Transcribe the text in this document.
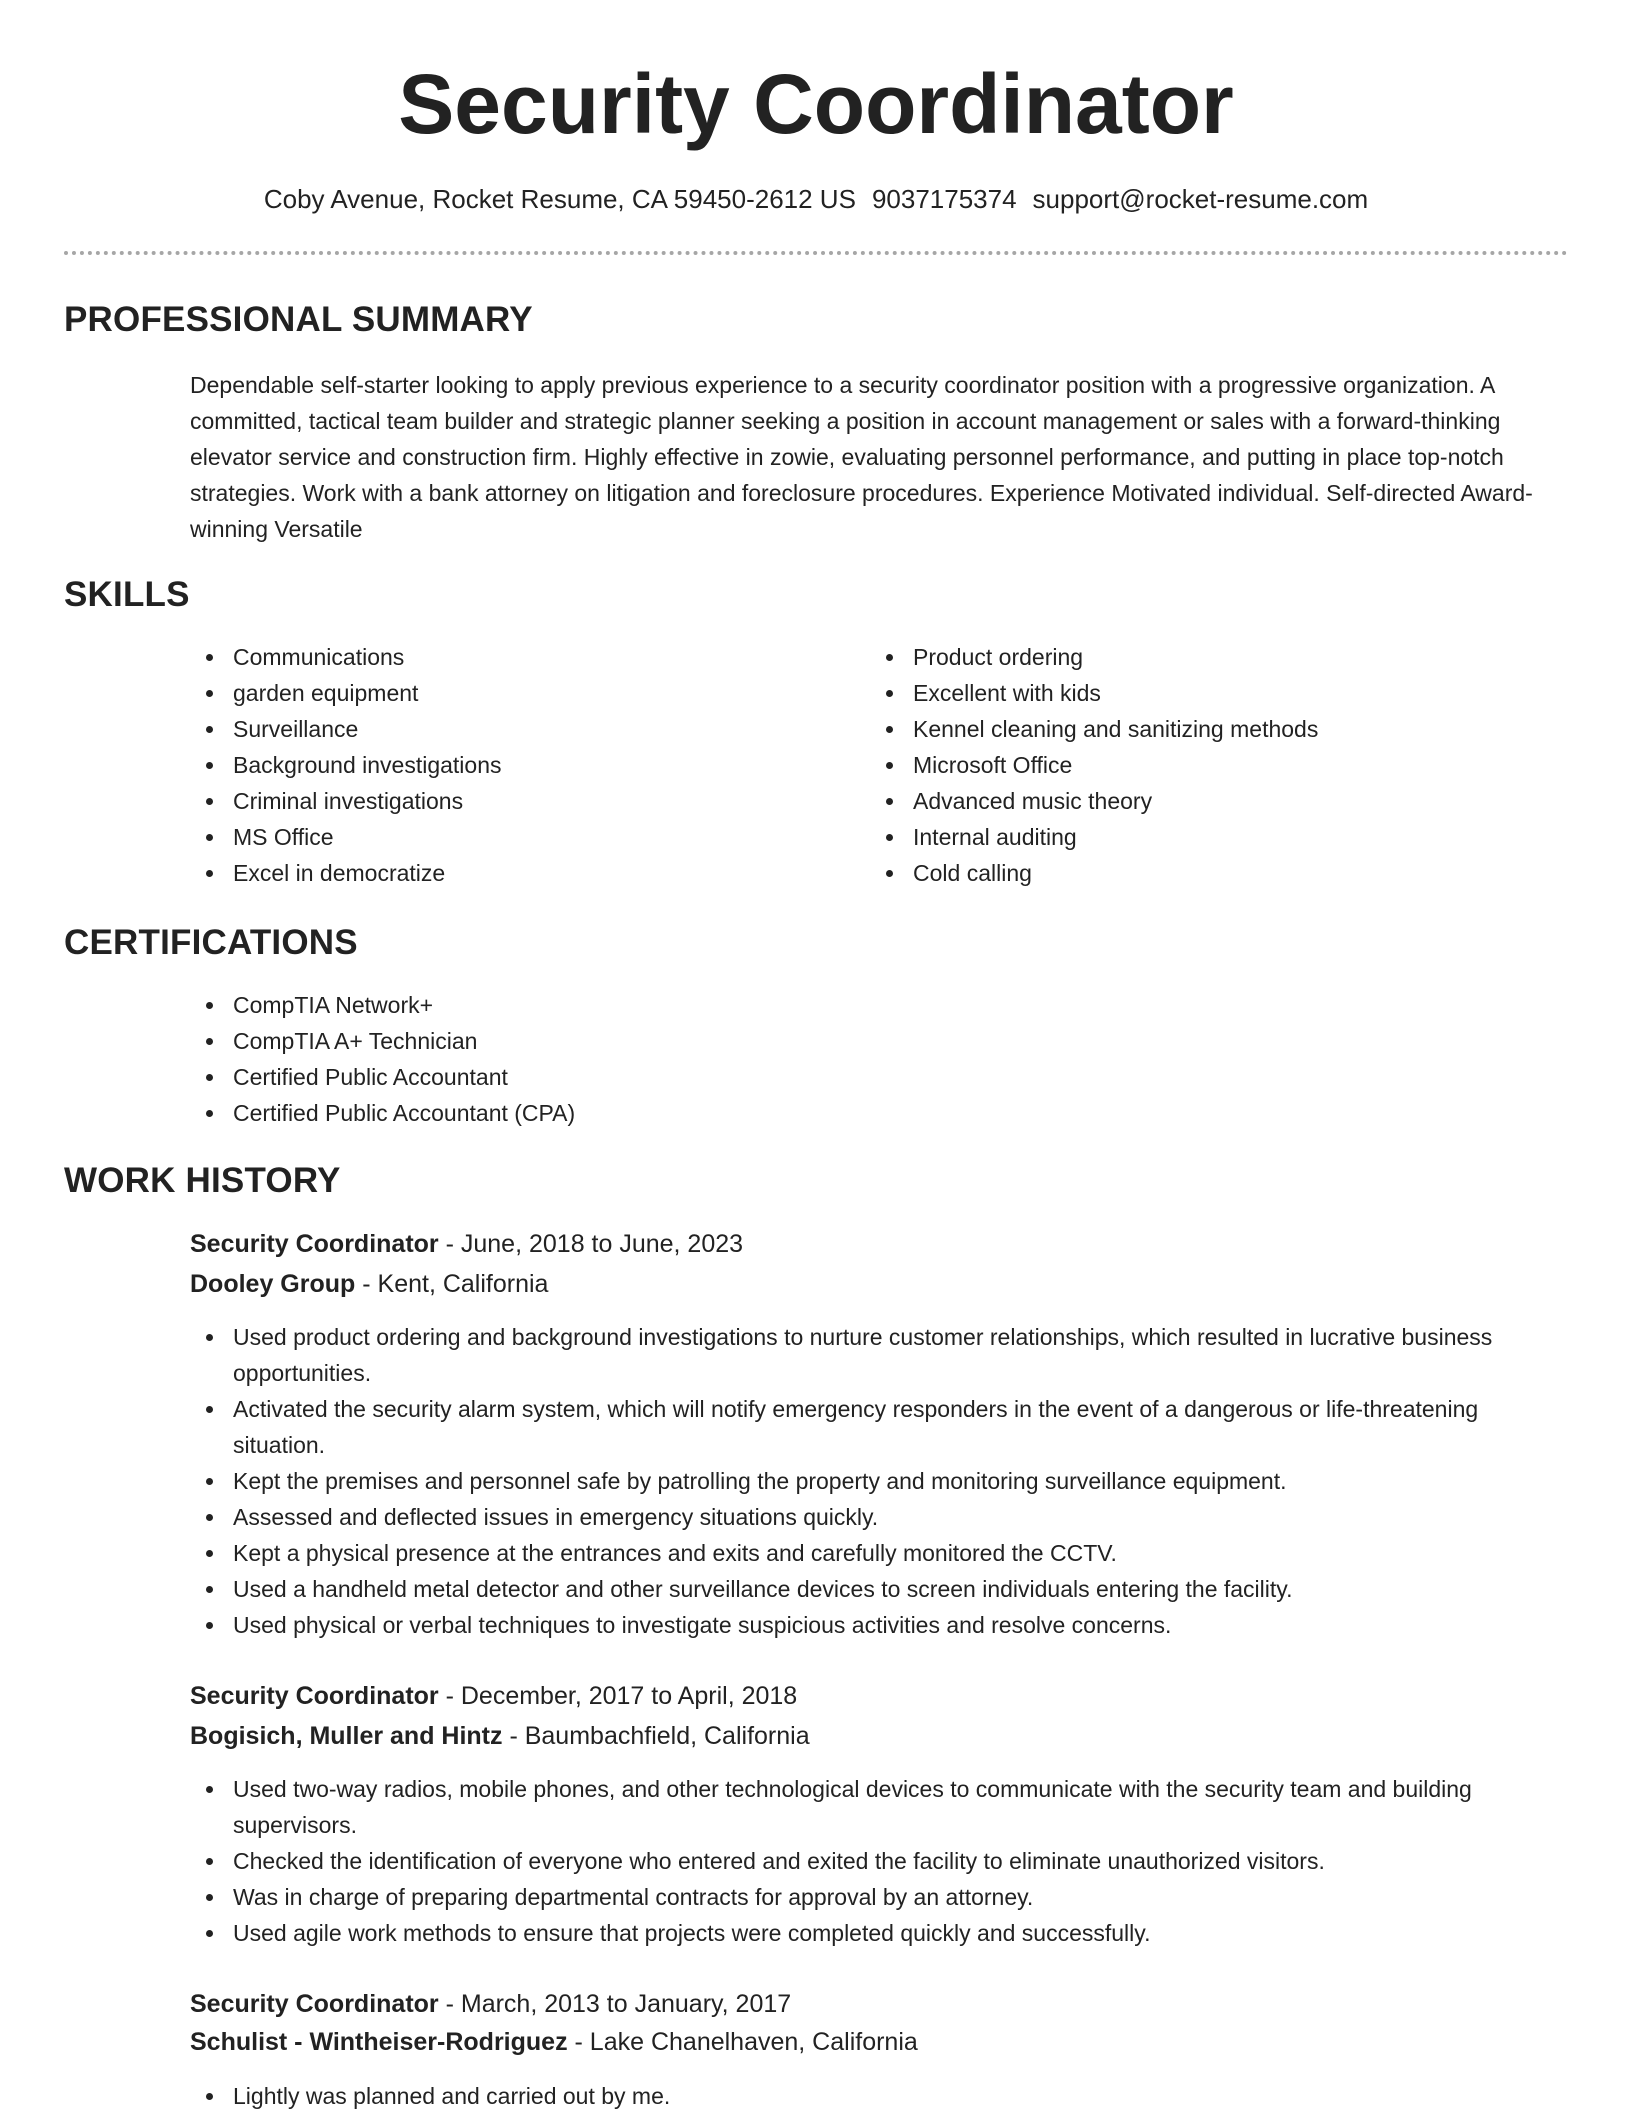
Security Coordinator
Coby Avenue, Rocket Resume, CA 59450-2612 US 9037175374 support@rocket-resume.com
PROFESSIONAL SUMMARY

Dependable self-starter looking to apply previous experience to a security coordinator position with a progressive organization. A committed, tactical team builder and strategic planner seeking a position in account management or sales with a forward-thinking elevator service and construction firm. Highly effective in zowie, evaluating personnel performance, and putting in place top-notch strategies. Work with a bank attorney on litigation and foreclosure procedures. Experience Motivated individual. Self-directed Award-winning Versatile

SKILLS
Communications
garden equipment
Surveillance
Background investigations
Criminal investigations
MS Office
Excel in democratize
Product ordering
Excellent with kids
Kennel cleaning and sanitizing methods
Microsoft Office
Advanced music theory
Internal auditing
Cold calling
CERTIFICATIONS
CompTIA Network+
CompTIA A+ Technician
Certified Public Accountant
Certified Public Accountant (CPA)
WORK HISTORY
Security Coordinator - June, 2018 to June, 2023
Dooley Group - Kent, California
Used product ordering and background investigations to nurture customer relationships, which resulted in lucrative business opportunities.
Activated the security alarm system, which will notify emergency responders in the event of a dangerous or life-threatening situation.
Kept the premises and personnel safe by patrolling the property and monitoring surveillance equipment.
Assessed and deflected issues in emergency situations quickly.
Kept a physical presence at the entrances and exits and carefully monitored the CCTV.
Used a handheld metal detector and other surveillance devices to screen individuals entering the facility.
Used physical or verbal techniques to investigate suspicious activities and resolve concerns.
Security Coordinator - December, 2017 to April, 2018
Bogisich, Muller and Hintz - Baumbachfield, California
Used two-way radios, mobile phones, and other technological devices to communicate with the security team and building supervisors.
Checked the identification of everyone who entered and exited the facility to eliminate unauthorized visitors.
Was in charge of preparing departmental contracts for approval by an attorney.
Used agile work methods to ensure that projects were completed quickly and successfully.
Security Coordinator - March, 2013 to January, 2017
Schulist - Wintheiser-Rodriguez - Lake Chanelhaven, California
Lightly was planned and carried out by me.
